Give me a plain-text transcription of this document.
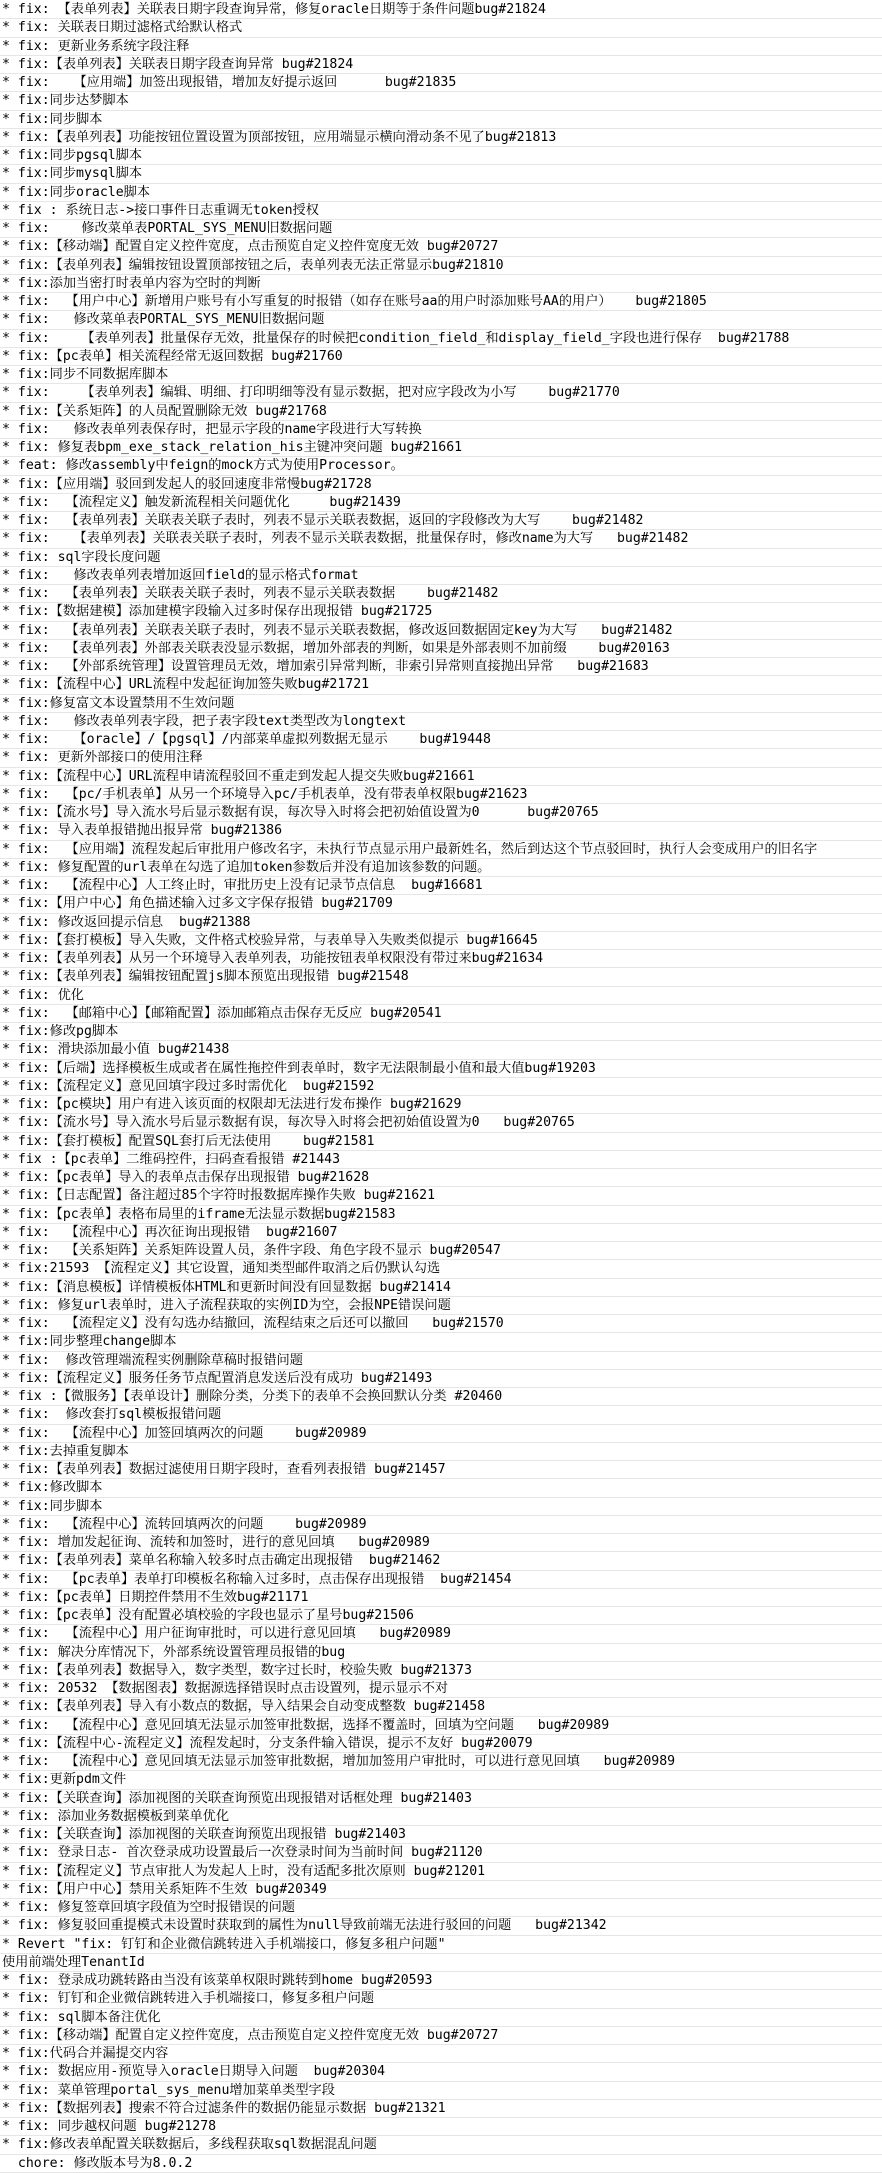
* fix: 【表单列表】关联表日期字段查询异常，修复oracle日期等于条件问题bug#21824
* fix: 关联表日期过滤格式给默认格式
* fix: 更新业务系统字段注释
* fix:【表单列表】关联表日期字段查询异常 bug#21824
* fix:   【应用端】加签出现报错，增加友好提示返回      bug#21835
* fix:同步达梦脚本
* fix:同步脚本
* fix:【表单列表】功能按钮位置设置为顶部按钮，应用端显示横向滑动条不见了bug#21813
* fix:同步pgsql脚本
* fix:同步mysql脚本
* fix:同步oracle脚本
* fix : 系统日志->接口事件日志重调无token授权
* fix:    修改菜单表PORTAL_SYS_MENU旧数据问题
* fix:【移动端】配置自定义控件宽度，点击预览自定义控件宽度无效 bug#20727
* fix:【表单列表】编辑按钮设置顶部按钮之后，表单列表无法正常显示bug#21810
* fix:添加当密打时表单内容为空时的判断
* fix:  【用户中心】新增用户账号有小写重复的时报错（如存在账号aa的用户时添加账号AA的用户）   bug#21805
* fix:   修改菜单表PORTAL_SYS_MENU旧数据问题
* fix:    【表单列表】批量保存无效，批量保存的时候把condition_field_和display_field_字段也进行保存  bug#21788
* fix:【pc表单】相关流程经常无返回数据 bug#21760
* fix:同步不同数据库脚本
* fix:    【表单列表】编辑、明细、打印明细等没有显示数据，把对应字段改为小写    bug#21770
* fix:【关系矩阵】的人员配置删除无效 bug#21768
* fix:   修改表单列表保存时，把显示字段的name字段进行大写转换
* fix: 修复表bpm_exe_stack_relation_his主键冲突问题 bug#21661
* feat: 修改assembly中feign的mock方式为使用Processor。
* fix:【应用端】驳回到发起人的驳回速度非常慢bug#21728
* fix:  【流程定义】触发新流程相关问题优化     bug#21439
* fix:  【表单列表】关联表关联子表时，列表不显示关联表数据，返回的字段修改为大写    bug#21482
* fix:   【表单列表】关联表关联子表时，列表不显示关联表数据，批量保存时，修改name为大写   bug#21482
* fix: sql字段长度问题
* fix:   修改表单列表增加返回field的显示格式format
* fix:  【表单列表】关联表关联子表时，列表不显示关联表数据    bug#21482
* fix:【数据建模】添加建模字段输入过多时保存出现报错 bug#21725
* fix:  【表单列表】关联表关联子表时，列表不显示关联表数据，修改返回数据固定key为大写   bug#21482
* fix:  【表单列表】外部表关联表没显示数据，增加外部表的判断，如果是外部表则不加前缀    bug#20163
* fix:  【外部系统管理】设置管理员无效，增加索引异常判断，非索引异常则直接抛出异常   bug#21683
* fix:【流程中心】URL流程中发起征询加签失败bug#21721
* fix:修复富文本设置禁用不生效问题
* fix:   修改表单列表字段，把子表字段text类型改为longtext
* fix:   【oracle】/【pgsql】/内部菜单虚拟列数据无显示    bug#19448
* fix: 更新外部接口的使用注释
* fix:【流程中心】URL流程申请流程驳回不重走到发起人提交失败bug#21661
* fix:  【pc/手机表单】从另一个环境导入pc/手机表单，没有带表单权限bug#21623
* fix:【流水号】导入流水号后显示数据有误，每次导入时将会把初始值设置为0      bug#20765
* fix: 导入表单报错抛出报异常 bug#21386
* fix:  【应用端】流程发起后审批用户修改名字，未执行节点显示用户最新姓名，然后到达这个节点驳回时，执行人会变成用户的旧名字
* fix: 修复配置的url表单在勾选了追加token参数后并没有追加该参数的问题。
* fix:  【流程中心】人工终止时，审批历史上没有记录节点信息  bug#16681
* fix:【用户中心】角色描述输入过多文字保存报错 bug#21709
* fix: 修改返回提示信息  bug#21388
* fix:【套打模板】导入失败，文件格式校验异常，与表单导入失败类似提示 bug#16645
* fix:【表单列表】从另一个环境导入表单列表，功能按钮表单权限没有带过来bug#21634
* fix:【表单列表】编辑按钮配置js脚本预览出现报错 bug#21548
* fix: 优化
* fix:  【邮箱中心】【邮箱配置】添加邮箱点击保存无反应 bug#20541
* fix:修改pg脚本
* fix: 滑块添加最小值 bug#21438
* fix:【后端】选择模板生成或者在属性拖控件到表单时，数字无法限制最小值和最大值bug#19203
* fix:【流程定义】意见回填字段过多时需优化  bug#21592
* fix:【pc模块】用户有进入该页面的权限却无法进行发布操作 bug#21629
* fix:【流水号】导入流水号后显示数据有误，每次导入时将会把初始值设置为0   bug#20765
* fix:【套打模板】配置SQL套打后无法使用    bug#21581
* fix :【pc表单】二维码控件，扫码查看报错 #21443
* fix:【pc表单】导入的表单点击保存出现报错 bug#21628
* fix:【日志配置】备注超过85个字符时报数据库操作失败 bug#21621
* fix:【pc表单】表格布局里的iframe无法显示数据bug#21583
* fix:  【流程中心】再次征询出现报错  bug#21607
* fix:  【关系矩阵】关系矩阵设置人员，条件字段、角色字段不显示 bug#20547
* fix:21593 【流程定义】其它设置，通知类型邮件取消之后仍默认勾选
* fix:【消息模板】详情模板体HTML和更新时间没有回显数据 bug#21414
* fix: 修复url表单时，进入子流程获取的实例ID为空，会报NPE错误问题
* fix:  【流程定义】没有勾选办结撤回，流程结束之后还可以撤回   bug#21570
* fix:同步整理change脚本
* fix:  修改管理端流程实例删除草稿时报错问题
* fix:【流程定义】服务任务节点配置消息发送后没有成功 bug#21493
* fix :【微服务】【表单设计】删除分类，分类下的表单不会换回默认分类 #20460
* fix:  修改套打sql模板报错问题
* fix:  【流程中心】加签回填两次的问题    bug#20989
* fix:去掉重复脚本
* fix:【表单列表】数据过滤使用日期字段时，查看列表报错 bug#21457
* fix:修改脚本
* fix:同步脚本
* fix:  【流程中心】流转回填两次的问题    bug#20989
* fix: 增加发起征询、流转和加签时，进行的意见回填   bug#20989
* fix:【表单列表】菜单名称输入较多时点击确定出现报错  bug#21462
* fix:  【pc表单】表单打印模板名称输入过多时，点击保存出现报错  bug#21454
* fix:【pc表单】日期控件禁用不生效bug#21171
* fix:【pc表单】没有配置必填校验的字段也显示了星号bug#21506
* fix:  【流程中心】用户征询审批时，可以进行意见回填   bug#20989
* fix: 解决分库情况下，外部系统设置管理员报错的bug
* fix:【表单列表】数据导入，数字类型，数字过长时，校验失败 bug#21373
* fix: 20532 【数据图表】数据源选择错误时点击设置列，提示显示不对
* fix:【表单列表】导入有小数点的数据，导入结果会自动变成整数 bug#21458
* fix:  【流程中心】意见回填无法显示加签审批数据，选择不覆盖时，回填为空问题   bug#20989
* fix:【流程中心-流程定义】流程发起时，分支条件输入错误，提示不友好 bug#20079
* fix:  【流程中心】意见回填无法显示加签审批数据，增加加签用户审批时，可以进行意见回填   bug#20989
* fix:更新pdm文件
* fix:【关联查询】添加视图的关联查询预览出现报错对话框处理 bug#21403
* fix: 添加业务数据模板到菜单优化
* fix:【关联查询】添加视图的关联查询预览出现报错 bug#21403
* fix: 登录日志- 首次登录成功设置最后一次登录时间为当前时间 bug#21120
* fix:【流程定义】节点审批人为发起人上时，没有适配多批次原则 bug#21201
* fix:【用户中心】禁用关系矩阵不生效 bug#20349
* fix: 修复签章回填字段值为空时报错误的问题
* fix: 修复驳回重提模式未设置时获取到的属性为null导致前端无法进行驳回的问题   bug#21342
* Revert "fix: 钉钉和企业微信跳转进入手机端接口，修复多租户问题"
使用前端处理TenantId
* fix: 登录成功跳转路由当没有该菜单权限时跳转到home bug#20593
* fix: 钉钉和企业微信跳转进入手机端接口，修复多租户问题
* fix: sql脚本备注优化
* fix:【移动端】配置自定义控件宽度，点击预览自定义控件宽度无效 bug#20727
* fix:代码合并漏提交内容
* fix: 数据应用-预览导入oracle日期导入问题  bug#20304
* fix: 菜单管理portal_sys_menu增加菜单类型字段
* fix:【数据列表】搜索不符合过滤条件的数据仍能显示数据 bug#21321
* fix: 同步越权问题 bug#21278
* fix:修改表单配置关联数据后，多线程获取sql数据混乱问题
chore: 修改版本号为8.0.2
